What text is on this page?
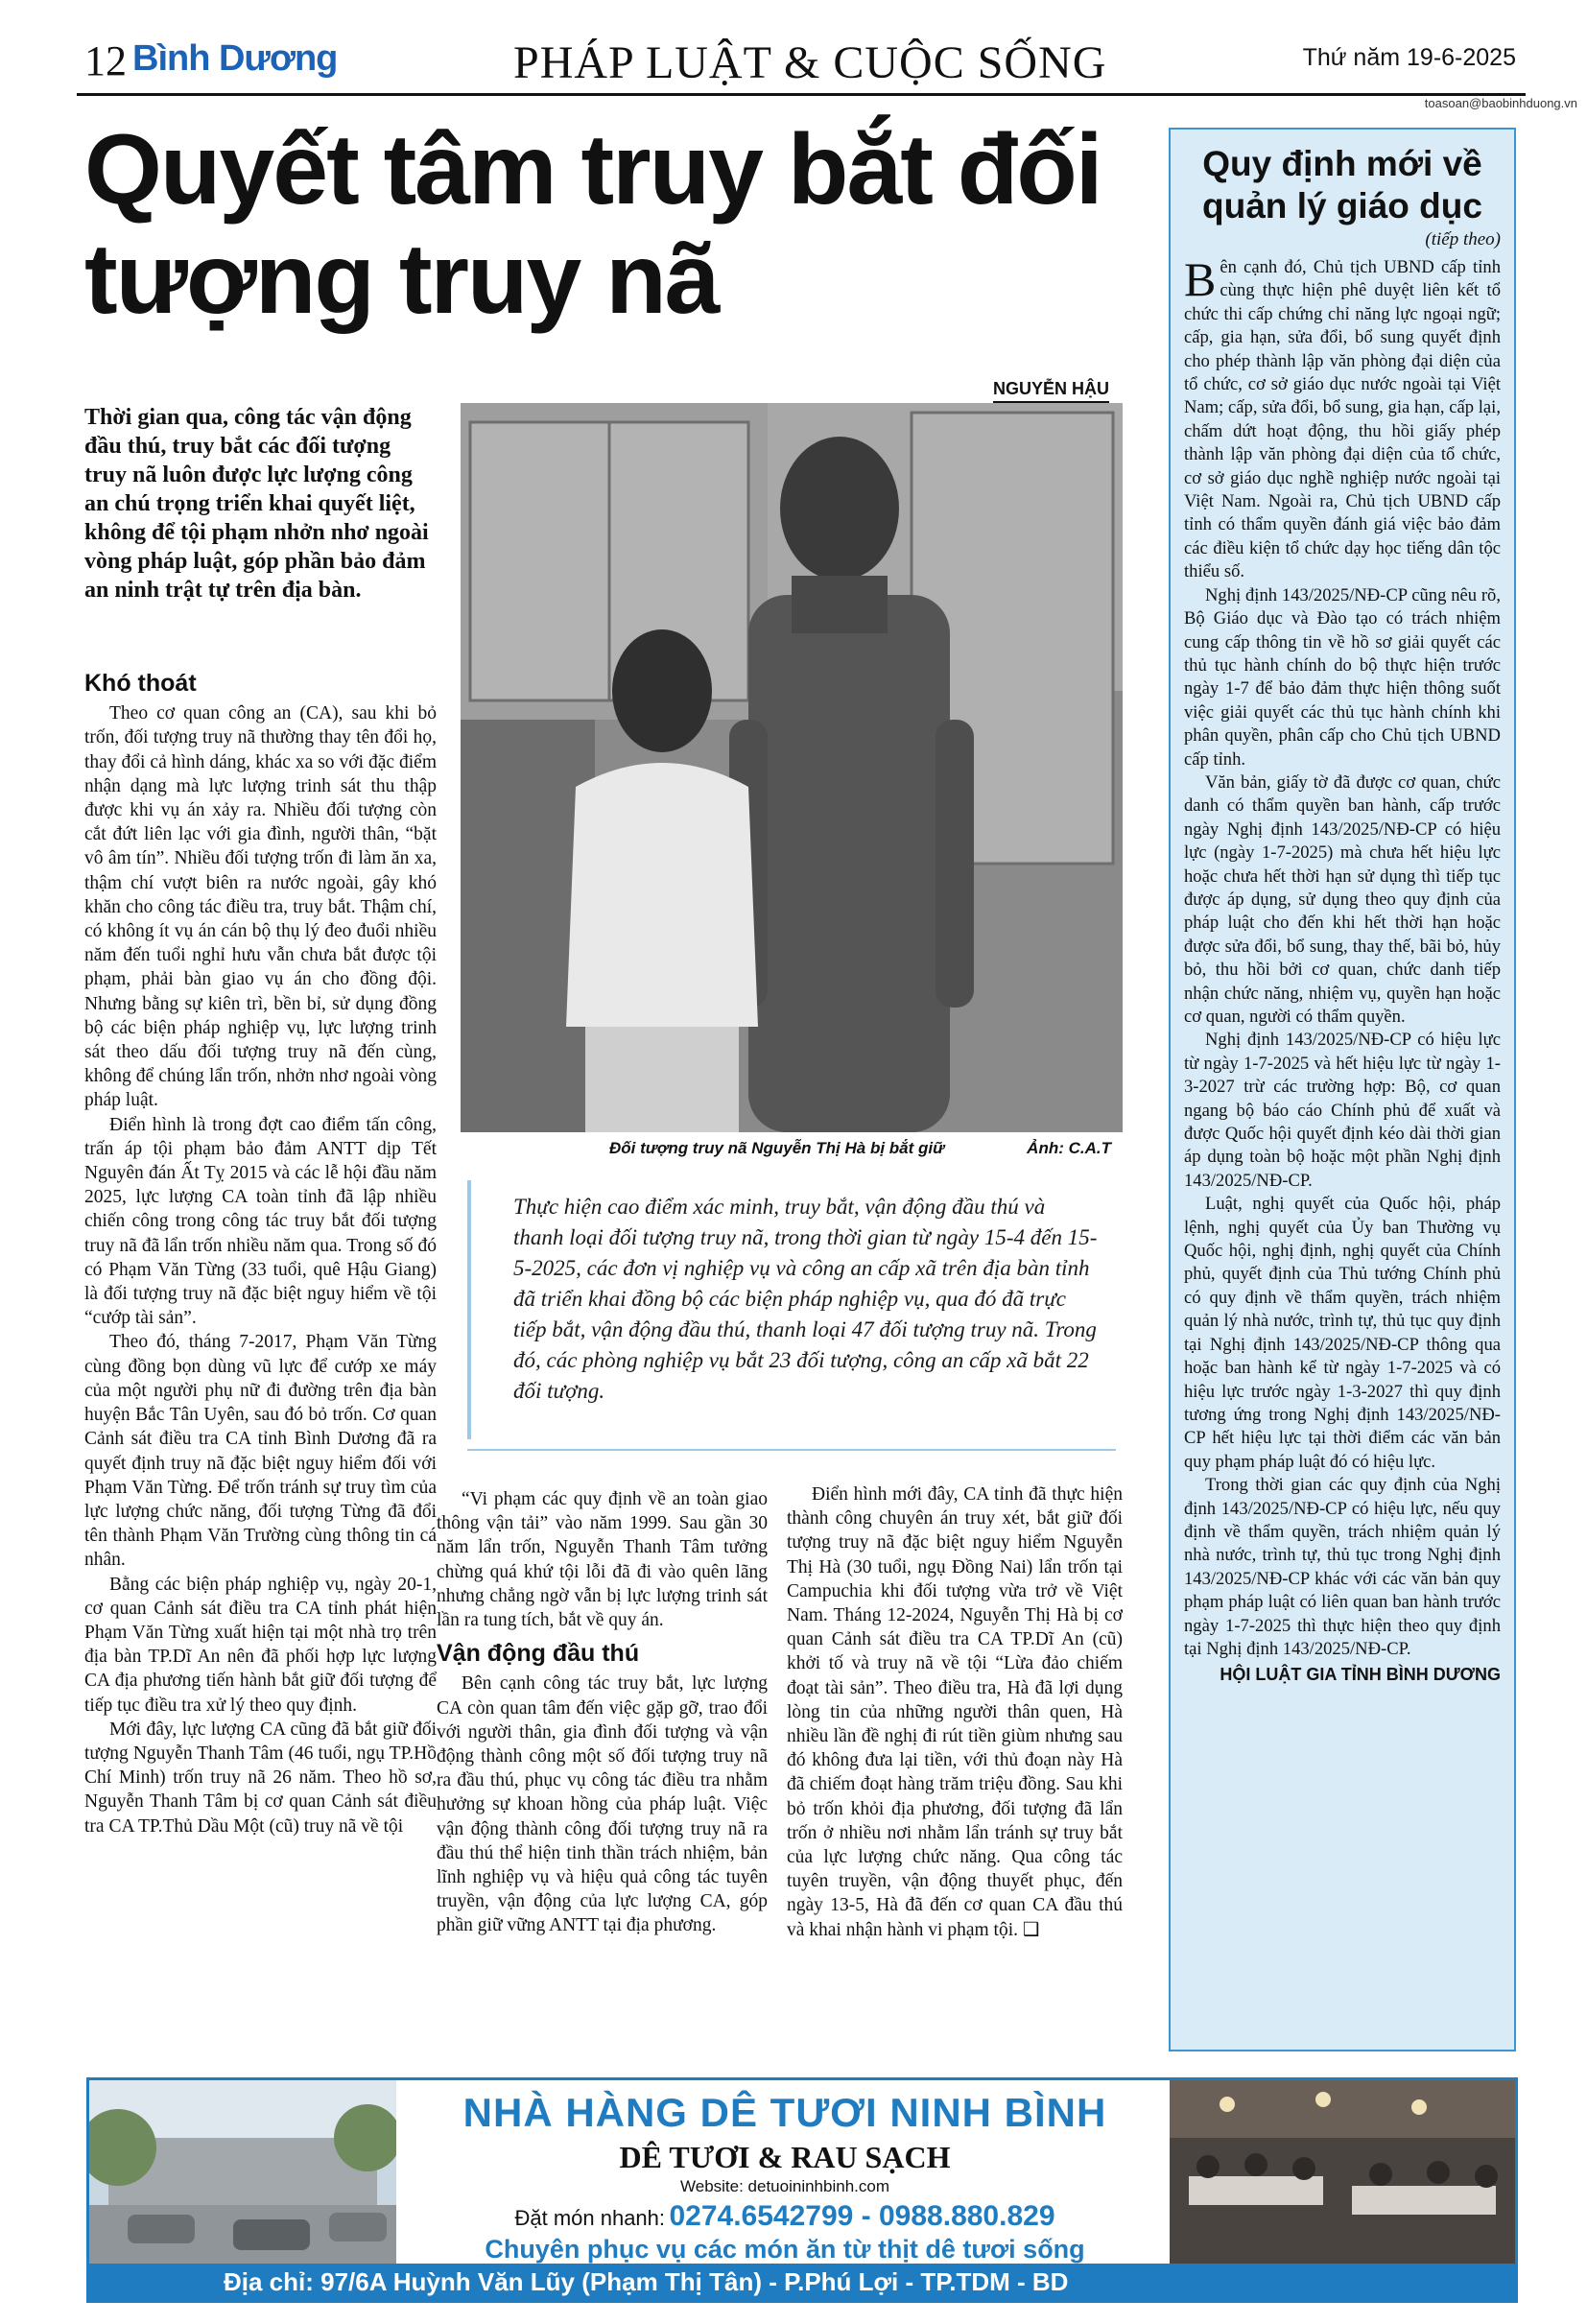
12 Bình Dương	PHÁP LUẬT & CUỘC SỐNG	Thứ năm 19-6-2025
toasoan@baobinhduong.vn
Quyết tâm truy bắt đối tượng truy nã
NGUYỄN HẬU
Thời gian qua, công tác vận động đầu thú, truy bắt các đối tượng truy nã luôn được lực lượng công an chú trọng triển khai quyết liệt, không để tội phạm nhởn nhơ ngoài vòng pháp luật, góp phần bảo đảm an ninh trật tự trên địa bàn.
Đối tượng truy nã Nguyễn Thị Hà bị bắt giữ	Ảnh: C.A.T
Thực hiện cao điểm xác minh, truy bắt, vận động đầu thú và thanh loại đối tượng truy nã, trong thời gian từ ngày 15-4 đến 15-5-2025, các đơn vị nghiệp vụ và công an cấp xã trên địa bàn tỉnh đã triển khai đồng bộ các biện pháp nghiệp vụ, qua đó đã trực tiếp bắt, vận động đầu thú, thanh loại 47 đối tượng truy nã. Trong đó, các phòng nghiệp vụ bắt 23 đối tượng, công an cấp xã bắt 22 đối tượng.
Khó thoát

Theo cơ quan công an (CA), sau khi bỏ trốn, đối tượng truy nã thường thay tên đổi họ, thay đổi cả hình dáng, khác xa so với đặc điểm nhận dạng mà lực lượng trinh sát thu thập được khi vụ án xảy ra. Nhiều đối tượng còn cắt đứt liên lạc với gia đình, người thân, “bặt vô âm tín”. Nhiều đối tượng trốn đi làm ăn xa, thậm chí vượt biên ra nước ngoài, gây khó khăn cho công tác điều tra, truy bắt. Thậm chí, có không ít vụ án cán bộ thụ lý đeo đuổi nhiều năm đến tuổi nghỉ hưu vẫn chưa bắt được tội phạm, phải bàn giao vụ án cho đồng đội. Nhưng bằng sự kiên trì, bền bỉ, sử dụng đồng bộ các biện pháp nghiệp vụ, lực lượng trinh sát theo dấu đối tượng truy nã đến cùng, không để chúng lẩn trốn, nhởn nhơ ngoài vòng pháp luật.

Điển hình là trong đợt cao điểm tấn công, trấn áp tội phạm bảo đảm ANTT dịp Tết Nguyên đán Ất Tỵ 2015 và các lễ hội đầu năm 2025, lực lượng CA toàn tỉnh đã lập nhiều chiến công trong công tác truy bắt đối tượng truy nã đã lẩn trốn nhiều năm qua. Trong số đó có Phạm Văn Từng (33 tuổi, quê Hậu Giang) là đối tượng truy nã đặc biệt nguy hiểm về tội “cướp tài sản”.

Theo đó, tháng 7-2017, Phạm Văn Từng cùng đồng bọn dùng vũ lực để cướp xe máy của một người phụ nữ đi đường trên địa bàn huyện Bắc Tân Uyên, sau đó bỏ trốn. Cơ quan Cảnh sát điều tra CA tỉnh Bình Dương đã ra quyết định truy nã đặc biệt nguy hiểm đối với Phạm Văn Từng. Để trốn tránh sự truy tìm của lực lượng chức năng, đối tượng Từng đã đổi tên thành Phạm Văn Trường cùng thông tin cá nhân.

Bằng các biện pháp nghiệp vụ, ngày 20-1, cơ quan Cảnh sát điều tra CA tỉnh phát hiện Phạm Văn Từng xuất hiện tại một nhà trọ trên địa bàn TP.Dĩ An nên đã phối hợp lực lượng CA địa phương tiến hành bắt giữ đối tượng để tiếp tục điều tra xử lý theo quy định.

Mới đây, lực lượng CA cũng đã bắt giữ đối tượng Nguyễn Thanh Tâm (46 tuổi, ngụ TP.Hồ Chí Minh) trốn truy nã 26 năm. Theo hồ sơ, Nguyễn Thanh Tâm bị cơ quan Cảnh sát điều tra CA TP.Thủ Dầu Một (cũ) truy nã về tội

“Vi phạm các quy định về an toàn giao thông vận tải” vào năm 1999. Sau gần 30 năm lẩn trốn, Nguyễn Thanh Tâm tưởng chừng quá khứ tội lỗi đã đi vào quên lãng nhưng chẳng ngờ vẫn bị lực lượng trinh sát lần ra tung tích, bắt về quy án.

Vận động đầu thú

Bên cạnh công tác truy bắt, lực lượng CA còn quan tâm đến việc gặp gỡ, trao đổi với người thân, gia đình đối tượng và vận động thành công một số đối tượng truy nã ra đầu thú, phục vụ công tác điều tra nhằm hưởng sự khoan hồng của pháp luật. Việc vận động thành công đối tượng truy nã ra đầu thú thể hiện tinh thần trách nhiệm, bản lĩnh nghiệp vụ và hiệu quả công tác tuyên truyền, vận động của lực lượng CA, góp phần giữ vững ANTT tại địa phương.

Điển hình mới đây, CA tỉnh đã thực hiện thành công chuyên án truy xét, bắt giữ đối tượng truy nã đặc biệt nguy hiểm Nguyễn Thị Hà (30 tuổi, ngụ Đồng Nai) lẩn trốn tại Campuchia khi đối tượng vừa trở về Việt Nam. Tháng 12-2024, Nguyễn Thị Hà bị cơ quan Cảnh sát điều tra CA TP.Dĩ An (cũ) khởi tố và truy nã về tội “Lừa đảo chiếm đoạt tài sản”. Theo điều tra, Hà đã lợi dụng lòng tin của những người thân quen, Hà nhiều lần đề nghị đi rút tiền giùm nhưng sau đó không đưa lại tiền, với thủ đoạn này Hà đã chiếm đoạt hàng trăm triệu đồng. Sau khi bỏ trốn khỏi địa phương, đối tượng đã lẩn trốn ở nhiều nơi nhằm lẩn tránh sự truy bắt của lực lượng chức năng. Qua công tác tuyên truyền, vận động thuyết phục, đến ngày 13-5, Hà đã đến cơ quan CA đầu thú và khai nhận hành vi phạm tội. ❑

Quy định mới về quản lý giáo dục
(tiếp theo)

Bên cạnh đó, Chủ tịch UBND cấp tỉnh cùng thực hiện phê duyệt liên kết tổ chức thi cấp chứng chỉ năng lực ngoại ngữ; cấp, gia hạn, sửa đổi, bổ sung quyết định cho phép thành lập văn phòng đại diện của tổ chức, cơ sở giáo dục nước ngoài tại Việt Nam; cấp, sửa đổi, bổ sung, gia hạn, cấp lại, chấm dứt hoạt động, thu hồi giấy phép thành lập văn phòng đại diện của tổ chức, cơ sở giáo dục nghề nghiệp nước ngoài tại Việt Nam. Ngoài ra, Chủ tịch UBND cấp tỉnh có thẩm quyền đánh giá việc bảo đảm các điều kiện tổ chức dạy học tiếng dân tộc thiểu số.

Nghị định 143/2025/NĐ-CP cũng nêu rõ, Bộ Giáo dục và Đào tạo có trách nhiệm cung cấp thông tin về hồ sơ giải quyết các thủ tục hành chính do bộ thực hiện trước ngày 1-7 để bảo đảm thực hiện thông suốt việc giải quyết các thủ tục hành chính khi phân quyền, phân cấp cho Chủ tịch UBND cấp tỉnh.

Văn bản, giấy tờ đã được cơ quan, chức danh có thẩm quyền ban hành, cấp trước ngày Nghị định 143/2025/NĐ-CP có hiệu lực (ngày 1-7-2025) mà chưa hết hiệu lực hoặc chưa hết thời hạn sử dụng thì tiếp tục được áp dụng, sử dụng theo quy định của pháp luật cho đến khi hết thời hạn hoặc được sửa đổi, bổ sung, thay thế, bãi bỏ, hủy bỏ, thu hồi bởi cơ quan, chức danh tiếp nhận chức năng, nhiệm vụ, quyền hạn hoặc cơ quan, người có thẩm quyền.

Nghị định 143/2025/NĐ-CP có hiệu lực từ ngày 1-7-2025 và hết hiệu lực từ ngày 1-3-2027 trừ các trường hợp: Bộ, cơ quan ngang bộ báo cáo Chính phủ để xuất và được Quốc hội quyết định kéo dài thời gian áp dụng toàn bộ hoặc một phần Nghị định 143/2025/NĐ-CP.

Luật, nghị quyết của Quốc hội, pháp lệnh, nghị quyết của Ủy ban Thường vụ Quốc hội, nghị định, nghị quyết của Chính phủ, quyết định của Thủ tướng Chính phủ có quy định về thẩm quyền, trách nhiệm quản lý nhà nước, trình tự, thủ tục quy định tại Nghị định 143/2025/NĐ-CP thông qua hoặc ban hành kể từ ngày 1-7-2025 và có hiệu lực trước ngày 1-3-2027 thì quy định tương ứng trong Nghị định 143/2025/NĐ-CP hết hiệu lực tại thời điểm các văn bản quy phạm pháp luật đó có hiệu lực.

Trong thời gian các quy định của Nghị định 143/2025/NĐ-CP có hiệu lực, nếu quy định về thẩm quyền, trách nhiệm quản lý nhà nước, trình tự, thủ tục trong Nghị định 143/2025/NĐ-CP khác với các văn bản quy phạm pháp luật có liên quan ban hành trước ngày 1-7-2025 thì thực hiện theo quy định tại Nghị định 143/2025/NĐ-CP.

HỘI LUẬT GIA TỈNH BÌNH DƯƠNG
NHÀ HÀNG DÊ TƯƠI NINH BÌNH
DÊ TƯƠI & RAU SẠCH
Website: detuoininhbinh.com
Đặt món nhanh: 0274.6542799 - 0988.880.829
Chuyên phục vụ các món ăn từ thịt dê tươi sống
Địa chỉ: 97/6A Huỳnh Văn Lũy (Phạm Thị Tân) - P.Phú Lợi - TP.TDM - BD
